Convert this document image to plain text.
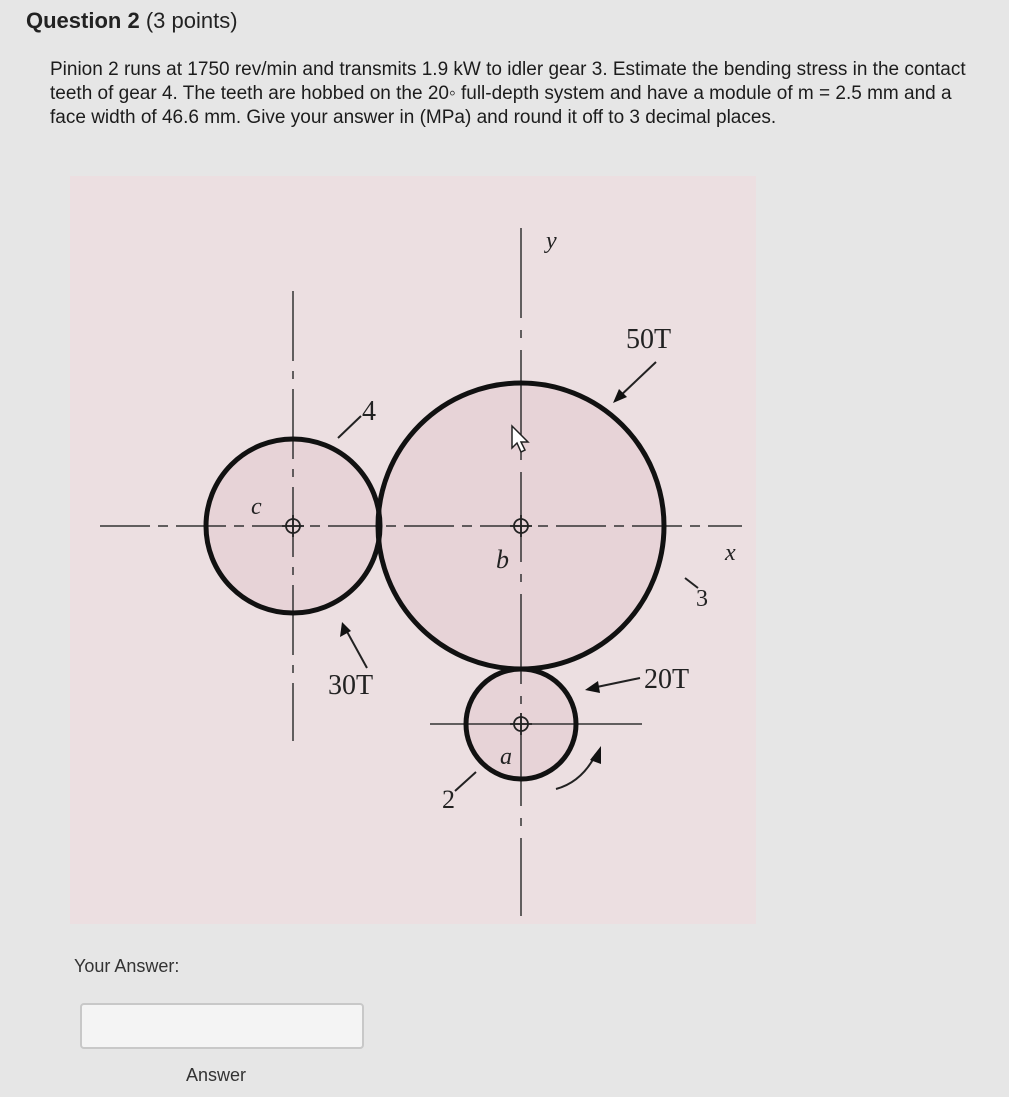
Question 2 (3 points)
Pinion 2 runs at 1750 rev/min and transmits 1.9 kW to idler gear 3. Estimate the bending stress in the contact teeth of gear 4. The teeth are hobbed on the 20◦ full-depth system and have a module of m = 2.5 mm and a face width of 46.6 mm. Give your answer in (MPa) and round it off to 3 decimal places.
y
x
50T
4
3
30T	20T
2
a
b
c
Your Answer:
Answer
